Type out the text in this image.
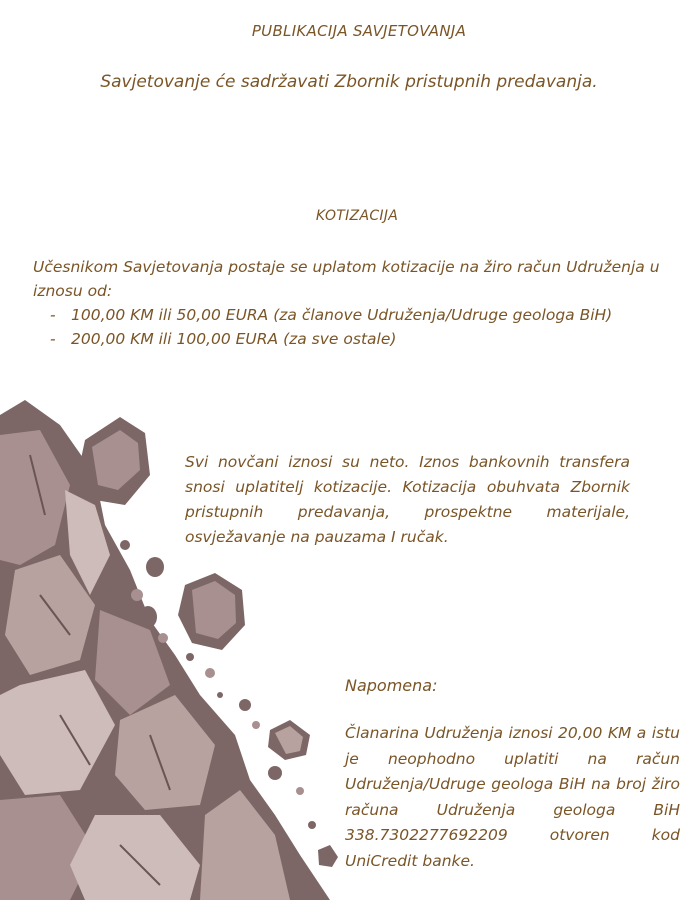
PUBLIKACIJA SAVJETOVANJA
Savjetovanje će sadržavati Zbornik pristupnih predavanja.
KOTIZACIJA
Učesnikom Savjetovanja postaje se uplatom kotizacije na žiro račun Udruženja u iznosu od:
- 100,00 KM ili 50,00 EURA (za članove Udruženja/Udruge geologa BiH)
- 200,00 KM ili 100,00 EURA (za sve ostale)
Svi novčani iznosi su neto. Iznos bankovnih transfera snosi uplatitelj kotizacije. Kotizacija obuhvata Zbornik pristupnih predavanja, prospektne materijale, osvježavanje na pauzama I ručak.
Napomena:
Članarina Udruženja iznosi 20,00 KM a istu je neophodno uplatiti na račun Udruženja/Udruge geologa BiH na broj žiro računa Udruženja geologa BiH 338.7302277692209 otvoren kod UniCredit banke.
